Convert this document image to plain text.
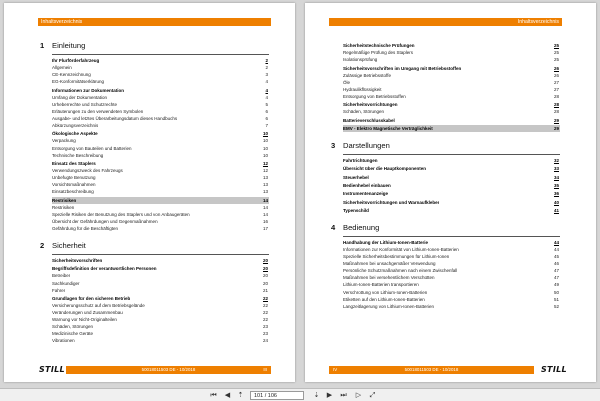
Inhaltsverzeichnis
1	Einleitung
Ihr Flurförderfahrzeug	2
Allgemein	2
CE-Kennzeichnung	3
EG-Konformitätserklärung	4
Informationen zur Dokumentation	4
Umfang der Dokumentation	4
Urheberrechte und Schutzrechte	5
Erläuterungen zu den verwendeten Symbolen	6
Ausgabe- und letztes Überarbeitungsdatum dieses Handbuchs	6
Abkürzungsverzeichnis	7
Ökologische Aspekte	10
Verpackung	10
Entsorgung von Bauteilen und Batterien	10
Technische Beschreibung	10
Einsatz des Staplers	12
Verwendungszweck des Fahrzeugs	12
Unbefugte Benutzung	13
Vorsichtsmaßnahmen	13
Einsatzbeschreibung	13
Restrisiken	14
Restrisiken	14
Spezielle Risiken der Benutzung des Staplers und von Anbaugeräten	14
Übersicht der Gefährdungen und Gegenmaßnahmen	16
Gefährdung für die Beschäftigten	17
2	Sicherheit
Sicherheitsvorschriften	20
Begriffsdefinition der verantwortlichen Personen	20
Betreiber	20
Sachkundiger	20
Fahrer	21
Grundlagen für den sicheren Betrieb	22
Versicherungsschutz auf dem Betriebsgelände	22
Veränderungen und Zusammenbau	22
Warnung vor Nicht-Originalteilen	22
Schäden, Störungen	23
Medizinische Geräte	23
Vibrationen	24
STILL	50018011503 DE - 10/2018	III
Inhaltsverzeichnis
Sicherheitstechnische Prüfungen	25
Regelmäßige Prüfung des Staplers	25
Isolationsprüfung	25
Sicherheitsvorschriften im Umgang mit Betriebsstoffen	26
Zulässige Betriebsstoffe	26
Öle	27
Hydraulikflüssigkeit	27
Entsorgung von Betriebsstoffen	28
Sicherheitsvorrichtungen	28
Schäden, Störungen	28
Batterieverschlusskabel	29
EMV - Elektro Magnetische Verträglichkeit	29
3	Darstellungen
Fahrtrichtungen	32
Übersicht über die Hauptkomponenten	33
Steuerhebel	34
Bedienhebel einbauen	35
Instrumentenanzeige	36
Sicherheitsvorrichtungen und Warnaufkleber	40
Typenschild	41
4	Bedienung
Handhabung der Lithium-Ionen-Batterie	44
Informationen zur Konformität von Lithium-Ionen-Batterien	44
Spezielle Sicherheitsbestimmungen für Lithium-Ionen	45
Maßnahmen bei unsachgemäßer Verwendung	46
Persönliche Schutzmaßnahmen nach einem Zwischenfall	47
Maßnahmen bei versehentlichem Verschütten	47
Lithium-Ionen-Batterien transportieren	49
Verschrottung von Lithium-Ionen-Batterien	50
Etiketten auf den Lithium-Ionen-Batterien	51
Langzeitlagerung von Lithium-Ionen-Batterien	52
STILL
IV	50018011503 DE - 10/2018
⏮ ◀ ⇡	101 / 106	⇣ ▶ ⏭ ▷ ⤢
